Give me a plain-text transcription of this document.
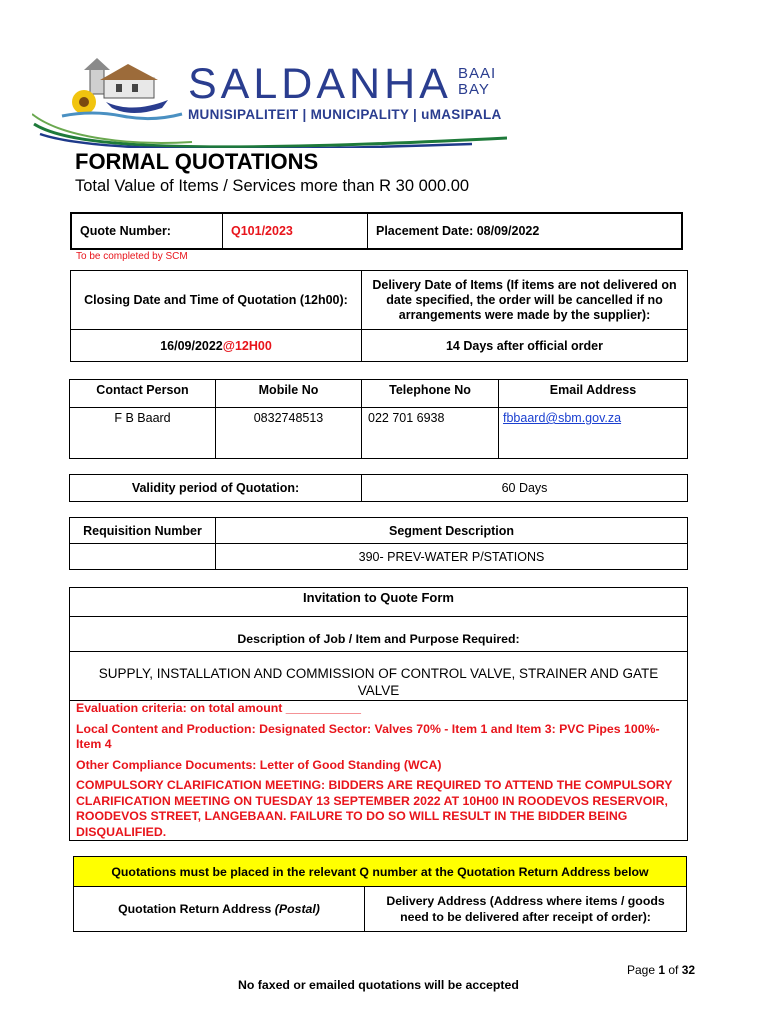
SALDANHA BAAI
BAY
MUNISIPALITEIT | MUNICIPALITY | uMASIPALA
FORMAL QUOTATIONS
Total Value of Items / Services more than R 30 000.00
Quote Number:	Q101/2023	Placement Date: 08/09/2022
To be completed by SCM
Closing Date and Time of Quotation (12h00):	Delivery Date of Items (If items are not delivered on date specified, the order will be cancelled if no arrangements were made by the supplier):
16/09/2022@12H00	14 Days after official order
Contact Person	Mobile No	Telephone No	Email Address
F B Baard	0832748513	022 701 6938	fbbaard@sbm.gov.za
Validity period of Quotation:	60 Days
Requisition Number	Segment Description
	390- PREV-WATER P/STATIONS
Invitation to Quote Form
Description of Job / Item and Purpose Required:
SUPPLY, INSTALLATION AND COMMISSION OF CONTROL VALVE, STRAINER AND GATE VALVE
Evaluation criteria: on total amount ___________
Local Content and Production: Designated Sector: Valves 70% - Item 1 and Item 3: PVC Pipes 100%- Item 4
Other Compliance Documents: Letter of Good Standing (WCA)
COMPULSORY CLARIFICATION MEETING: BIDDERS ARE REQUIRED TO ATTEND THE COMPULSORY CLARIFICATION MEETING ON TUESDAY 13 SEPTEMBER 2022 AT 10H00 IN ROODEVOS RESERVOIR, ROODEVOS STREET, LANGEBAAN. FAILURE TO DO SO WILL RESULT IN THE BIDDER BEING DISQUALIFIED.
Quotations must be placed in the relevant Q number at the Quotation Return Address below
Quotation Return Address (Postal)	Delivery Address (Address where items / goods need to be delivered after receipt of order):
Page 1 of 32
No faxed or emailed quotations will be accepted
